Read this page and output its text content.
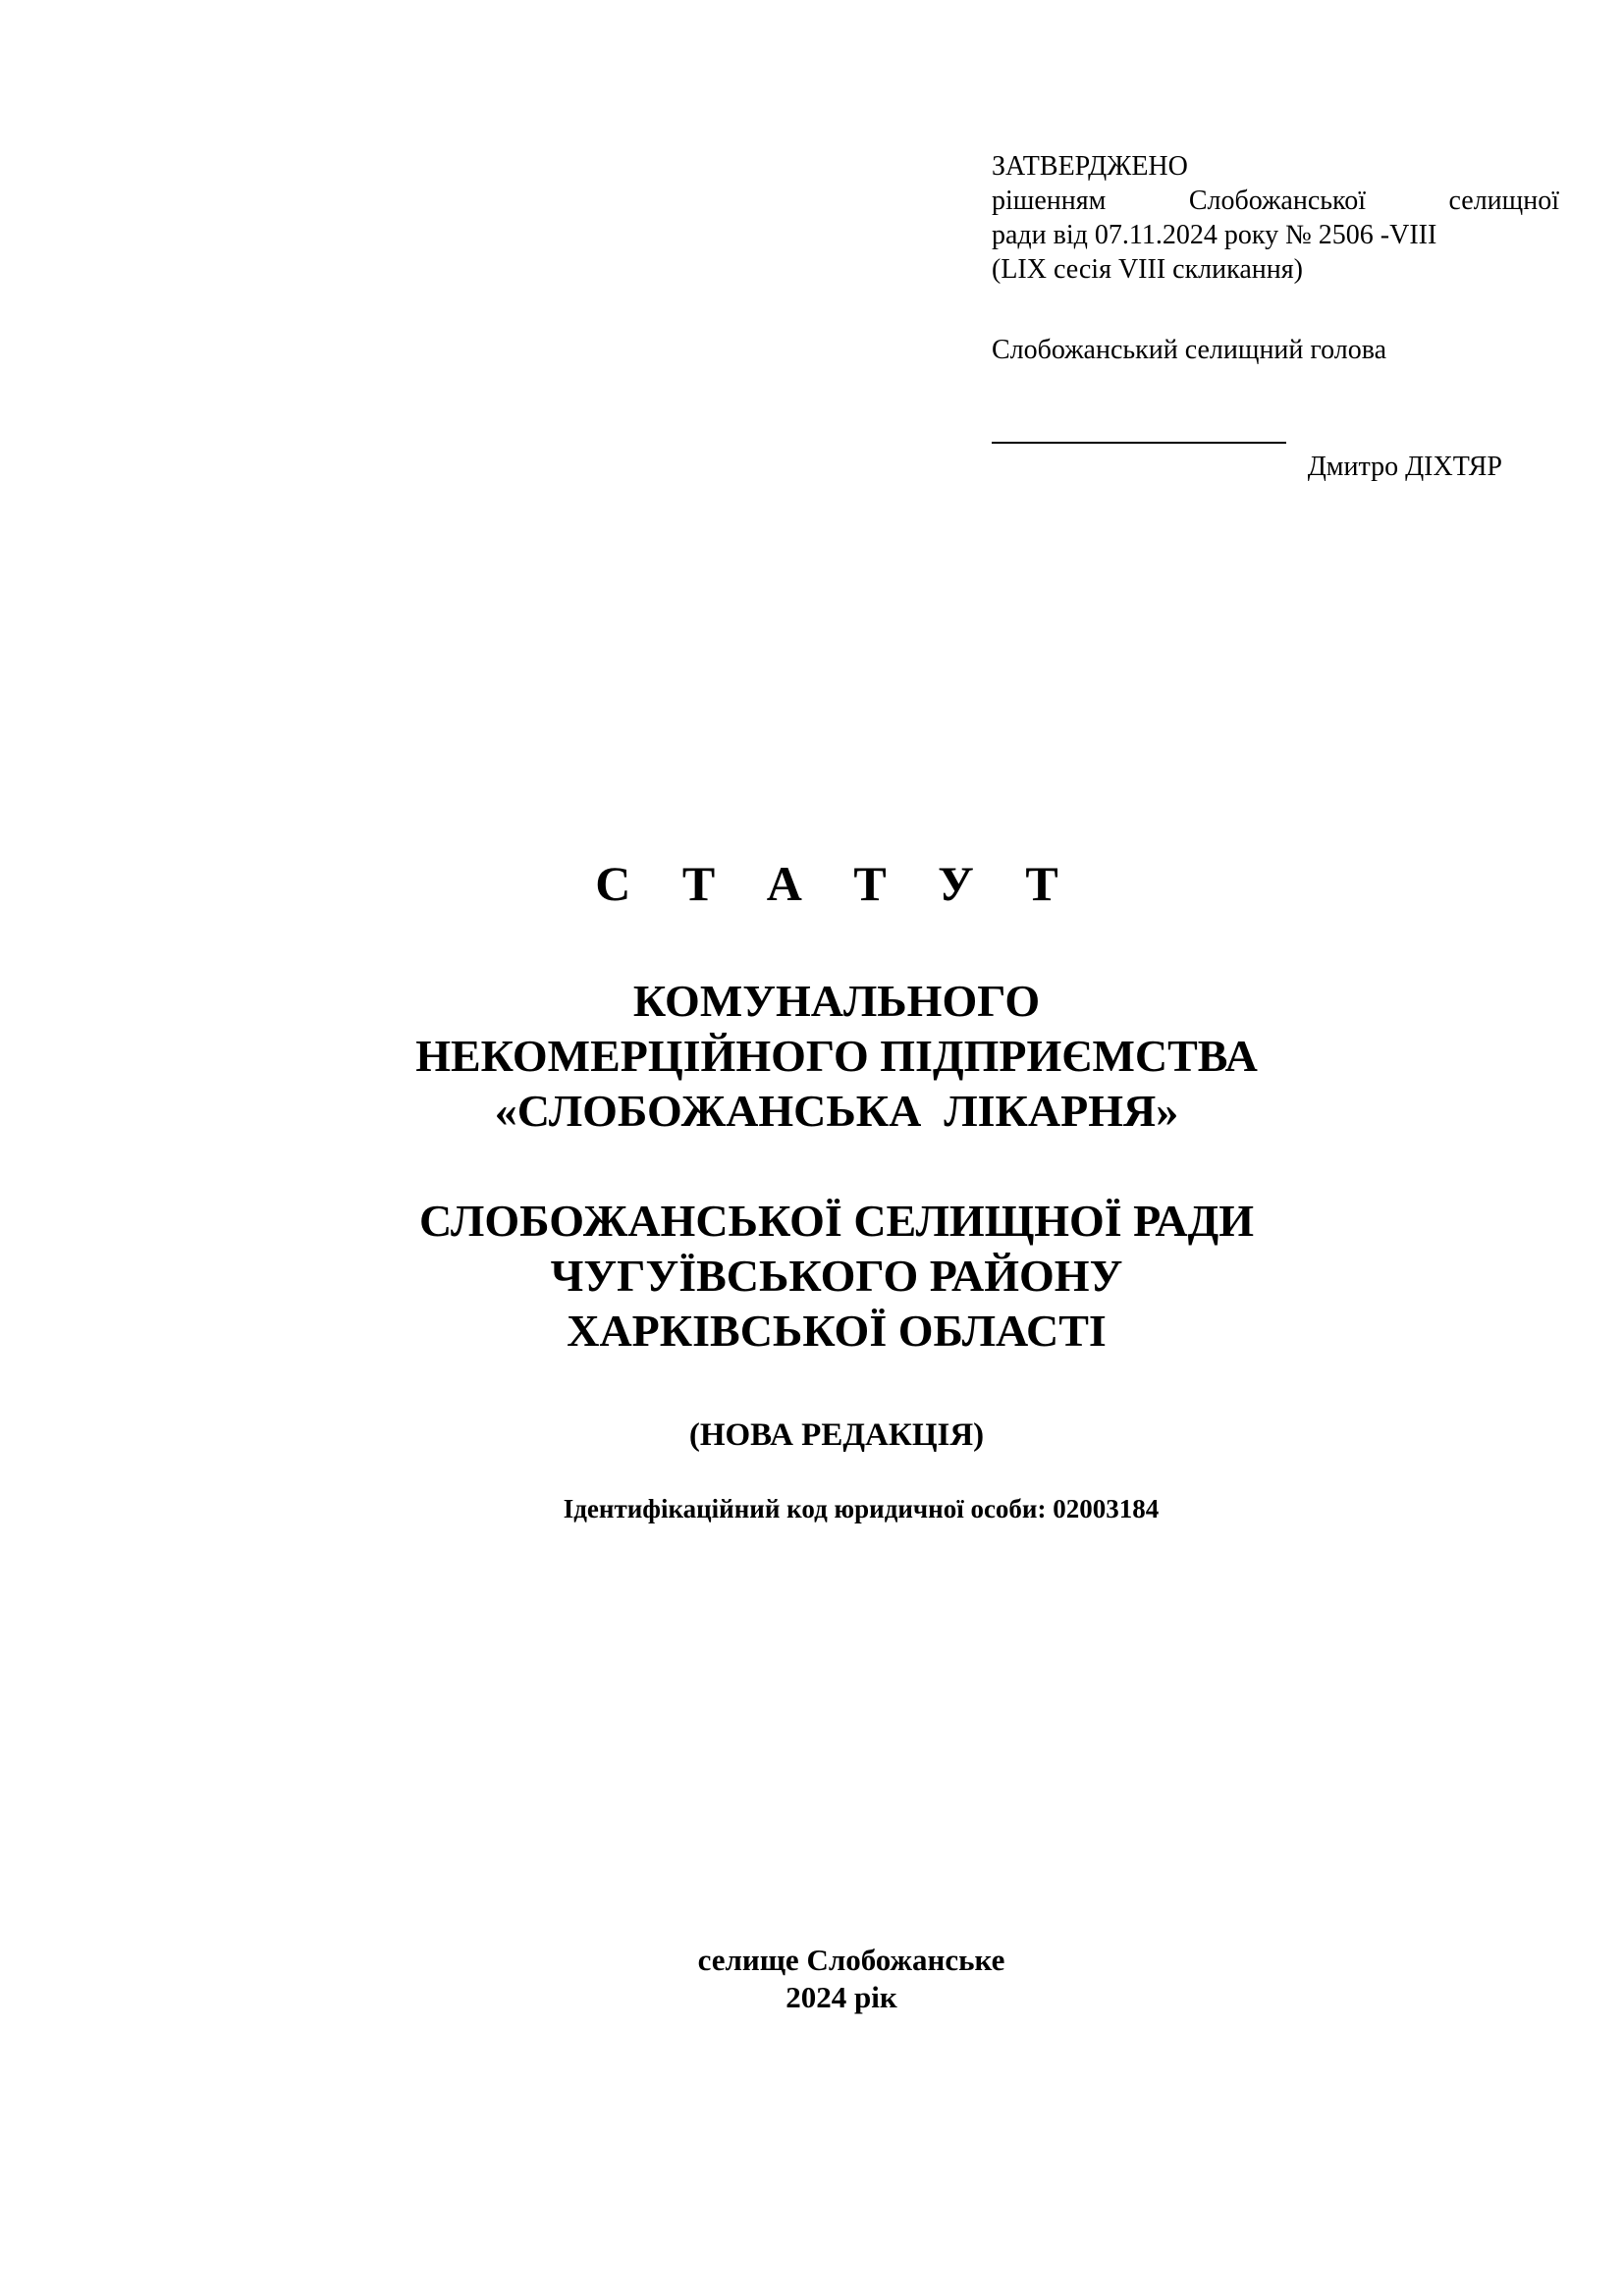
ЗАТВЕРДЖЕНО
рішенням Слобожанської селищної
ради від 07.11.2024 року № 2506 -VIII
(LIX сесія VIII скликання)
Слобожанський селищний голова
Дмитро ДІХТЯР
С Т А Т У Т
КОМУНАЛЬНОГО
НЕКОМЕРЦІЙНОГО ПІДПРИЄМСТВА
«СЛОБОЖАНСЬКА  ЛІКАРНЯ»
СЛОБОЖАНСЬКОЇ СЕЛИЩНОЇ РАДИ
ЧУГУЇВСЬКОГО РАЙОНУ
ХАРКІВСЬКОЇ ОБЛАСТІ
(НОВА РЕДАКЦІЯ)
Ідентифікаційний код юридичної особи: 02003184
селище Слобожанське
2024 рік
